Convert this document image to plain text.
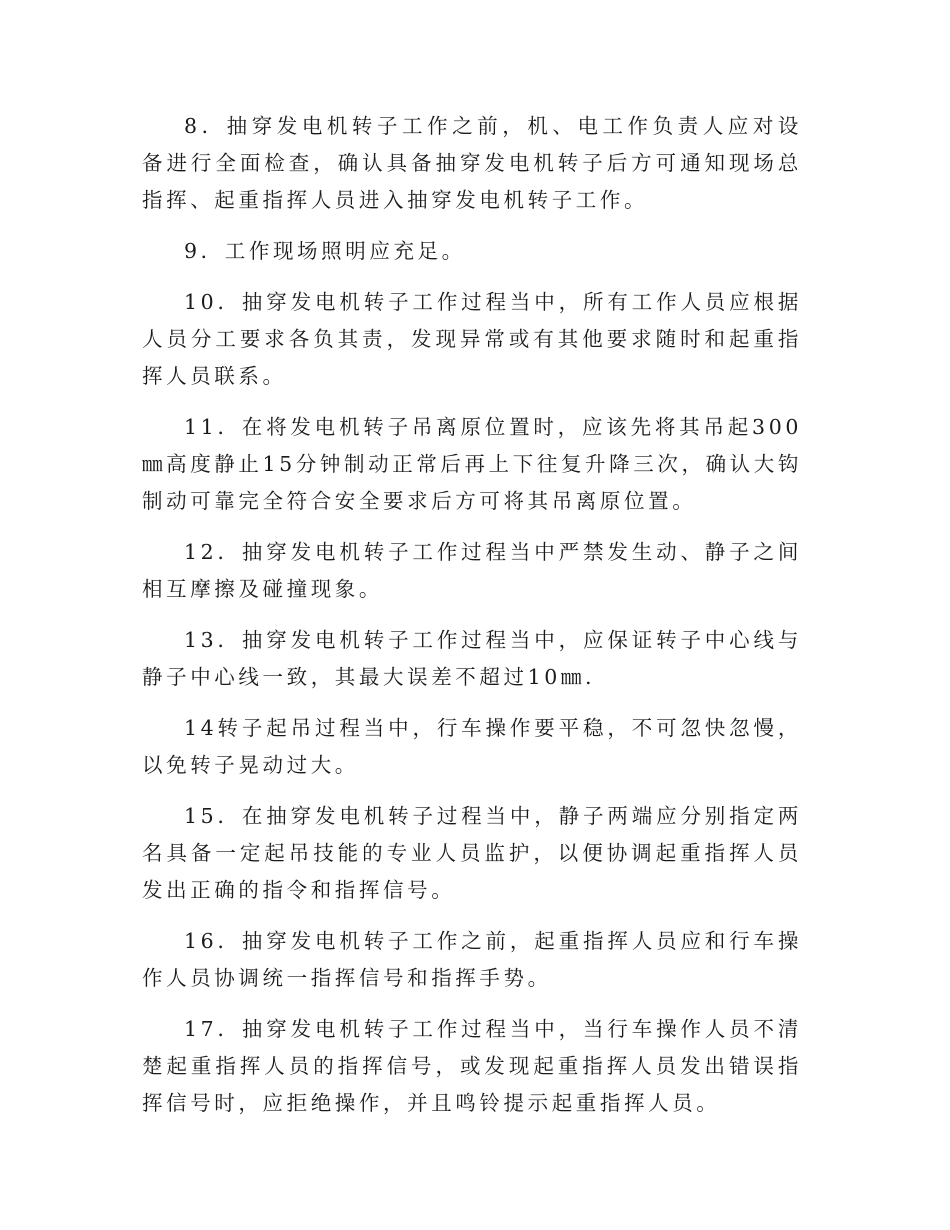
8．抽穿发电机转子工作之前，机、电工作负责人应对设备进行全面检查，确认具备抽穿发电机转子后方可通知现场总指挥、起重指挥人员进入抽穿发电机转子工作。

9．工作现场照明应充足。

10．抽穿发电机转子工作过程当中，所有工作人员应根据人员分工要求各负其责，发现异常或有其他要求随时和起重指挥人员联系。

11．在将发电机转子吊离原位置时，应该先将其吊起300㎜高度静止15分钟制动正常后再上下往复升降三次，确认大钩制动可靠完全符合安全要求后方可将其吊离原位置。

12．抽穿发电机转子工作过程当中严禁发生动、静子之间相互摩擦及碰撞现象。

13．抽穿发电机转子工作过程当中，应保证转子中心线与静子中心线一致，其最大误差不超过10㎜.

14转子起吊过程当中，行车操作要平稳，不可忽快忽慢，以免转子晃动过大。

15．在抽穿发电机转子过程当中，静子两端应分别指定两名具备一定起吊技能的专业人员监护，以便协调起重指挥人员发出正确的指令和指挥信号。

16．抽穿发电机转子工作之前，起重指挥人员应和行车操作人员协调统一指挥信号和指挥手势。

17．抽穿发电机转子工作过程当中，当行车操作人员不清楚起重指挥人员的指挥信号，或发现起重指挥人员发出错误指挥信号时，应拒绝操作，并且鸣铃提示起重指挥人员。
